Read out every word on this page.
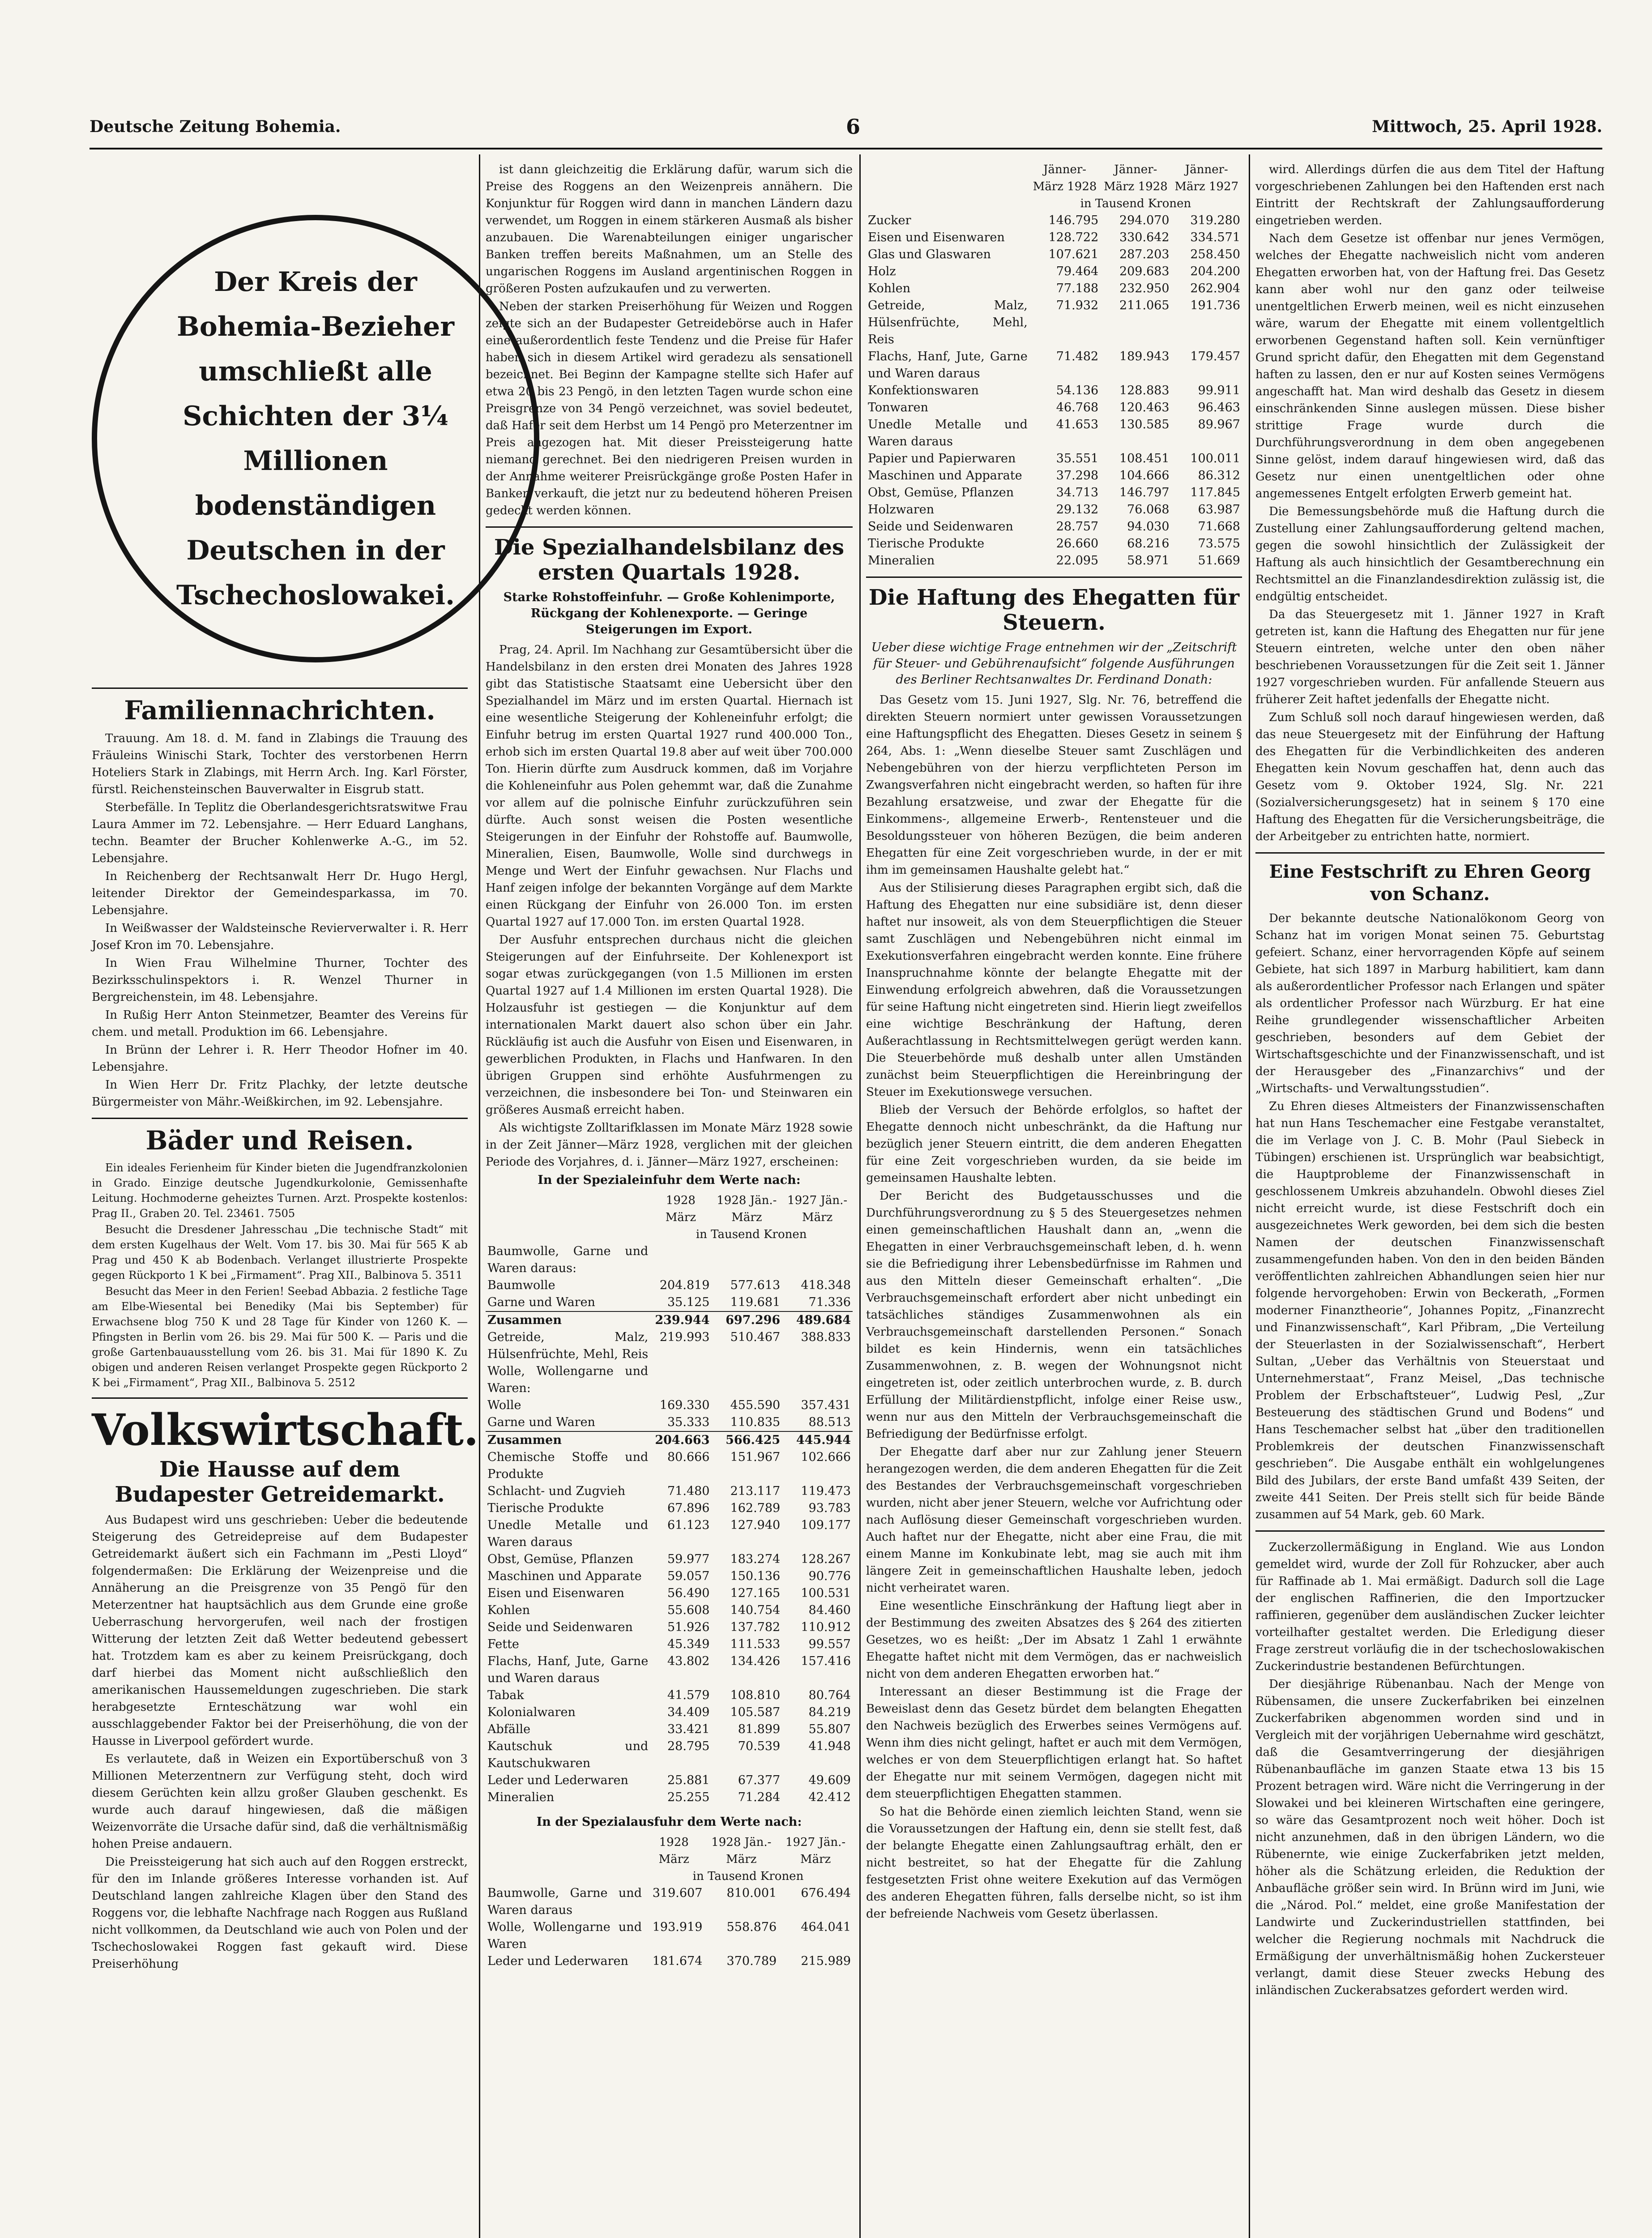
Deutsche Zeitung Bohemia.	6	Mittwoch, 25. April 1928.
Der Kreis der Bohemia-Bezieher umschließt alle Schichten der 3¼ Millionen bodenständigen Deutschen in der Tschechoslowakei.
Familiennachrichten.

Trauung. Am 18. d. M. fand in Zlabings die Trauung des Fräuleins Winischi Stark, Tochter des verstorbenen Herrn Hoteliers Stark in Zlabings, mit Herrn Arch. Ing. Karl Förster, fürstl. Reichensteinschen Bauverwalter in Eisgrub statt.

Sterbefälle. In Teplitz die Oberlandesgerichtsratswitwe Frau Laura Ammer im 72. Lebensjahre. — Herr Eduard Langhans, techn. Beamter der Brucher Kohlenwerke A.-G., im 52. Lebensjahre.

In Reichenberg der Rechtsanwalt Herr Dr. Hugo Hergl, leitender Direktor der Gemeindesparkassa, im 70. Lebensjahre.

In Weißwasser der Waldsteinsche Revierverwalter i. R. Herr Josef Kron im 70. Lebensjahre.

In Wien Frau Wilhelmine Thurner, Tochter des Bezirksschulinspektors i. R. Wenzel Thurner in Bergreichenstein, im 48. Lebensjahre.

In Rußig Herr Anton Steinmetzer, Beamter des Vereins für chem. und metall. Produktion im 66. Lebensjahre.

In Brünn der Lehrer i. R. Herr Theodor Hofner im 40. Lebensjahre.

In Wien Herr Dr. Fritz Plachky, der letzte deutsche Bürgermeister von Mähr.-Weißkirchen, im 92. Lebensjahre.

Bäder und Reisen.

Ein ideales Ferienheim für Kinder bieten die Jugendfranzkolonien in Grado. Einzige deutsche Jugendkurkolonie, Gemissenhafte Leitung. Hochmoderne geheiztes Turnen. Arzt. Prospekte kostenlos: Prag II., Graben 20. Tel. 23461. 7505

Besucht die Dresdener Jahresschau „Die technische Stadt“ mit dem ersten Kugelhaus der Welt. Vom 17. bis 30. Mai für 565 K ab Prag und 450 K ab Bodenbach. Verlanget illustrierte Prospekte gegen Rückporto 1 K bei „Firmament“. Prag XII., Balbinova 5. 3511

Besucht das Meer in den Ferien! Seebad Abbazia. 2 festliche Tage am Elbe-Wiesental bei Benediky (Mai bis September) für Erwachsene blog 750 K und 28 Tage für Kinder von 1260 K. — Pfingsten in Berlin vom 26. bis 29. Mai für 500 K. — Paris und die große Gartenbauausstellung vom 26. bis 31. Mai für 1890 K. Zu obigen und anderen Reisen verlanget Prospekte gegen Rückporto 2 K bei „Firmament“, Prag XII., Balbinova 5. 2512

Volkswirtschaft.
Die Hausse auf dem Budapester Getreidemarkt.

Aus Budapest wird uns geschrieben: Ueber die bedeutende Steigerung des Getreidepreise auf dem Budapester Getreidemarkt äußert sich ein Fachmann im „Pesti Lloyd“ folgendermaßen: Die Erklärung der Weizenpreise und die Annäherung an die Preisgrenze von 35 Pengö für den Meterzentner hat hauptsächlich aus dem Grunde eine große Ueberraschung hervorgerufen, weil nach der frostigen Witterung der letzten Zeit daß Wetter bedeutend gebessert hat. Trotzdem kam es aber zu keinem Preisrückgang, doch darf hierbei das Moment nicht außschließlich den amerikanischen Haussemeldungen zugeschrieben. Die stark herabgesetzte Ernteschätzung war wohl ein ausschlaggebender Faktor bei der Preiserhöhung, die von der Hausse in Liverpool gefördert wurde.

Es verlautete, daß in Weizen ein Exportüberschuß von 3 Millionen Meterzentnern zur Verfügung steht, doch wird diesem Gerüchten kein allzu großer Glauben geschenkt. Es wurde auch darauf hingewiesen, daß die mäßigen Weizenvorräte die Ursache dafür sind, daß die verhältnismäßig hohen Preise andauern.

Die Preissteigerung hat sich auch auf den Roggen erstreckt, für den im Inlande größeres Interesse vorhanden ist. Auf Deutschland langen zahlreiche Klagen über den Stand des Roggens vor, die lebhafte Nachfrage nach Roggen aus Rußland nicht vollkommen, da Deutschland wie auch von Polen und der Tschechoslowakei Roggen fast gekauft wird. Diese Preiserhöhung

ist dann gleichzeitig die Erklärung dafür, warum sich die Preise des Roggens an den Weizenpreis annähern. Die Konjunktur für Roggen wird dann in manchen Ländern dazu verwendet, um Roggen in einem stärkeren Ausmaß als bisher anzubauen. Die Warenabteilungen einiger ungarischer Banken treffen bereits Maßnahmen, um an Stelle des ungarischen Roggens im Ausland argentinischen Roggen in größeren Posten aufzukaufen und zu verwerten.

Neben der starken Preiserhöhung für Weizen und Roggen zeigte sich an der Budapester Getreidebörse auch in Hafer eine außerordentlich feste Tendenz und die Preise für Hafer haben sich in diesem Artikel wird geradezu als sensationell bezeichnet. Bei Beginn der Kampagne stellte sich Hafer auf etwa 20 bis 23 Pengö, in den letzten Tagen wurde schon eine Preisgrenze von 34 Pengö verzeichnet, was soviel bedeutet, daß Hafer seit dem Herbst um 14 Pengö pro Meterzentner im Preis angezogen hat. Mit dieser Preissteigerung hatte niemand gerechnet. Bei den niedrigeren Preisen wurden in der Annahme weiterer Preisrückgänge große Posten Hafer in Banken verkauft, die jetzt nur zu bedeutend höheren Preisen gedeckt werden können.

Die Spezialhandelsbilanz des ersten Quartals 1928.
Starke Rohstoffeinfuhr. — Große Kohlenimporte, Rückgang der Kohlenexporte. — Geringe Steigerungen im Export.

Prag, 24. April. Im Nachhang zur Gesamtübersicht über die Handelsbilanz in den ersten drei Monaten des Jahres 1928 gibt das Statistische Staatsamt eine Uebersicht über den Spezialhandel im März und im ersten Quartal. Hiernach ist eine wesentliche Steigerung der Kohleneinfuhr erfolgt; die Einfuhr betrug im ersten Quartal 1927 rund 400.000 Ton., erhob sich im ersten Quartal 19.8 aber auf weit über 700.000 Ton. Hierin dürfte zum Ausdruck kommen, daß im Vorjahre die Kohleneinfuhr aus Polen gehemmt war, daß die Zunahme vor allem auf die polnische Einfuhr zurückzuführen sein dürfte. Auch sonst weisen die Posten wesentliche Steigerungen in der Einfuhr der Rohstoffe auf. Baumwolle, Mineralien, Eisen, Baumwolle, Wolle sind durchwegs in Menge und Wert der Einfuhr gewachsen. Nur Flachs und Hanf zeigen infolge der bekannten Vorgänge auf dem Markte einen Rückgang der Einfuhr von 26.000 Ton. im ersten Quartal 1927 auf 17.000 Ton. im ersten Quartal 1928.

Der Ausfuhr entsprechen durchaus nicht die gleichen Steigerungen auf der Einfuhrseite. Der Kohlenexport ist sogar etwas zurückgegangen (von 1.5 Millionen im ersten Quartal 1927 auf 1.4 Millionen im ersten Quartal 1928). Die Holzausfuhr ist gestiegen — die Konjunktur auf dem internationalen Markt dauert also schon über ein Jahr. Rückläufig ist auch die Ausfuhr von Eisen und Eisenwaren, in gewerblichen Produkten, in Flachs und Hanfwaren. In den übrigen Gruppen sind erhöhte Ausfuhrmengen zu verzeichnen, die insbesondere bei Ton- und Steinwaren ein größeres Ausmaß erreicht haben.

Als wichtigste Zolltarifklassen im Monate März 1928 sowie in der Zeit Jänner—März 1928, verglichen mit der gleichen Periode des Vorjahres, d. i. Jänner—März 1927, erscheinen:

In der Spezialeinfuhr dem Werte nach:
	1928 März	1928 Jän.-März	1927 Jän.-März
	in Tausend Kronen		
Baumwolle, Garne und Waren daraus:			
Baumwolle	204.819	577.613	418.348
Garne und Waren	35.125	119.681	71.336
Zusammen	239.944	697.296	489.684
Getreide, Malz, Hülsenfrüchte, Mehl, Reis	219.993	510.467	388.833
Wolle, Wollengarne und Waren:			
Wolle	169.330	455.590	357.431
Garne und Waren	35.333	110.835	88.513
Zusammen	204.663	566.425	445.944
Chemische Stoffe und Produkte	80.666	151.967	102.666
Schlacht- und Zugvieh	71.480	213.117	119.473
Tierische Produkte	67.896	162.789	93.783
Unedle Metalle und Waren daraus	61.123	127.940	109.177
Obst, Gemüse, Pflanzen	59.977	183.274	128.267
Maschinen und Apparate	59.057	150.136	90.776
Eisen und Eisenwaren	56.490	127.165	100.531
Kohlen	55.608	140.754	84.460
Seide und Seidenwaren	51.926	137.782	110.912
Fette	45.349	111.533	99.557
Flachs, Hanf, Jute, Garne und Waren daraus	43.802	134.426	157.416
Tabak	41.579	108.810	80.764
Kolonialwaren	34.409	105.587	84.219
Abfälle	33.421	81.899	55.807
Kautschuk und Kautschukwaren	28.795	70.539	41.948
Leder und Lederwaren	25.881	67.377	49.609
Mineralien	25.255	71.284	42.412
In der Spezialausfuhr dem Werte nach:
	1928 März	1928 Jän.-März	1927 Jän.-März
	in Tausend Kronen		
Baumwolle, Garne und Waren daraus	319.607	810.001	676.494
Wolle, Wollengarne und Waren	193.919	558.876	464.041
Leder und Lederwaren	181.674	370.789	215.989
	Jänner-März 1928	Jänner-März 1928	Jänner-März 1927
	in Tausend Kronen		
Zucker	146.795	294.070	319.280
Eisen und Eisenwaren	128.722	330.642	334.571
Glas und Glaswaren	107.621	287.203	258.450
Holz	79.464	209.683	204.200
Kohlen	77.188	232.950	262.904
Getreide, Malz, Hülsenfrüchte, Mehl, Reis	71.932	211.065	191.736
Flachs, Hanf, Jute, Garne und Waren daraus	71.482	189.943	179.457
Konfektionswaren	54.136	128.883	99.911
Tonwaren	46.768	120.463	96.463
Unedle Metalle und Waren daraus	41.653	130.585	89.967
Papier und Papierwaren	35.551	108.451	100.011
Maschinen und Apparate	37.298	104.666	86.312
Obst, Gemüse, Pflanzen	34.713	146.797	117.845
Holzwaren	29.132	76.068	63.987
Seide und Seidenwaren	28.757	94.030	71.668
Tierische Produkte	26.660	68.216	73.575
Mineralien	22.095	58.971	51.669
Die Haftung des Ehegatten für Steuern.
Ueber diese wichtige Frage entnehmen wir der „Zeitschrift für Steuer- und Gebührenaufsicht“ folgende Ausführungen des Berliner Rechtsanwaltes Dr. Ferdinand Donath:

Das Gesetz vom 15. Juni 1927, Slg. Nr. 76, betreffend die direkten Steuern normiert unter gewissen Voraussetzungen eine Haftungspflicht des Ehegatten. Dieses Gesetz in seinem § 264, Abs. 1: „Wenn dieselbe Steuer samt Zuschlägen und Nebengebühren von der hierzu verpflichteten Person im Zwangsverfahren nicht eingebracht werden, so haften für ihre Bezahlung ersatzweise, und zwar der Ehegatte für die Einkommens-, allgemeine Erwerb-, Rentensteuer und die Besoldungssteuer von höheren Bezügen, die beim anderen Ehegatten für eine Zeit vorgeschrieben wurde, in der er mit ihm im gemeinsamen Haushalte gelebt hat.“

Aus der Stilisierung dieses Paragraphen ergibt sich, daß die Haftung des Ehegatten nur eine subsidiäre ist, denn dieser haftet nur insoweit, als von dem Steuerpflichtigen die Steuer samt Zuschlägen und Nebengebühren nicht einmal im Exekutionsverfahren eingebracht werden konnte. Eine frühere Inanspruchnahme könnte der belangte Ehegatte mit der Einwendung erfolgreich abwehren, daß die Voraussetzungen für seine Haftung nicht eingetreten sind. Hierin liegt zweifellos eine wichtige Beschränkung der Haftung, deren Außerachtlassung in Rechtsmittelwegen gerügt werden kann. Die Steuerbehörde muß deshalb unter allen Umständen zunächst beim Steuerpflichtigen die Hereinbringung der Steuer im Exekutionswege versuchen.

Blieb der Versuch der Behörde erfolglos, so haftet der Ehegatte dennoch nicht unbeschränkt, da die Haftung nur bezüglich jener Steuern eintritt, die dem anderen Ehegatten für eine Zeit vorgeschrieben wurden, da sie beide im gemeinsamen Haushalte lebten.

Der Bericht des Budgetausschusses und die Durchführungsverordnung zu § 5 des Steuergesetzes nehmen einen gemeinschaftlichen Haushalt dann an, „wenn die Ehegatten in einer Verbrauchsgemeinschaft leben, d. h. wenn sie die Befriedigung ihrer Lebensbedürfnisse im Rahmen und aus den Mitteln dieser Gemeinschaft erhalten“. „Die Verbrauchsgemeinschaft erfordert aber nicht unbedingt ein tatsächliches ständiges Zusammenwohnen als ein Verbrauchsgemeinschaft darstellenden Personen.“ Sonach bildet es kein Hindernis, wenn ein tatsächliches Zusammenwohnen, z. B. wegen der Wohnungsnot nicht eingetreten ist, oder zeitlich unterbrochen wurde, z. B. durch Erfüllung der Militärdienstpflicht, infolge einer Reise usw., wenn nur aus den Mitteln der Verbrauchsgemeinschaft die Befriedigung der Bedürfnisse erfolgt.

Der Ehegatte darf aber nur zur Zahlung jener Steuern herangezogen werden, die dem anderen Ehegatten für die Zeit des Bestandes der Verbrauchsgemeinschaft vorgeschrieben wurden, nicht aber jener Steuern, welche vor Aufrichtung oder nach Auflösung dieser Gemeinschaft vorgeschrieben wurden. Auch haftet nur der Ehegatte, nicht aber eine Frau, die mit einem Manne im Konkubinate lebt, mag sie auch mit ihm längere Zeit in gemeinschaftlichen Haushalte leben, jedoch nicht verheiratet waren.

Eine wesentliche Einschränkung der Haftung liegt aber in der Bestimmung des zweiten Absatzes des § 264 des zitierten Gesetzes, wo es heißt: „Der im Absatz 1 Zahl 1 erwähnte Ehegatte haftet nicht mit dem Vermögen, das er nachweislich nicht von dem anderen Ehegatten erworben hat.“

Interessant an dieser Bestimmung ist die Frage der Beweislast denn das Gesetz bürdet dem belangten Ehegatten den Nachweis bezüglich des Erwerbes seines Vermögens auf. Wenn ihm dies nicht gelingt, haftet er auch mit dem Vermögen, welches er von dem Steuerpflichtigen erlangt hat. So haftet der Ehegatte nur mit seinem Vermögen, dagegen nicht mit dem steuerpflichtigen Ehegatten stammen.

So hat die Behörde einen ziemlich leichten Stand, wenn sie die Voraussetzungen der Haftung ein, denn sie stellt fest, daß der belangte Ehegatte einen Zahlungsauftrag erhält, den er nicht bestreitet, so hat der Ehegatte für die Zahlung festgesetzten Frist ohne weitere Exekution auf das Vermögen des anderen Ehegatten führen, falls derselbe nicht, so ist ihm der befreiende Nachweis vom Gesetz überlassen.

wird. Allerdings dürfen die aus dem Titel der Haftung vorgeschriebenen Zahlungen bei den Haftenden erst nach Eintritt der Rechtskraft der Zahlungsaufforderung eingetrieben werden.

Nach dem Gesetze ist offenbar nur jenes Vermögen, welches der Ehegatte nachweislich nicht vom anderen Ehegatten erworben hat, von der Haftung frei. Das Gesetz kann aber wohl nur den ganz oder teilweise unentgeltlichen Erwerb meinen, weil es nicht einzusehen wäre, warum der Ehegatte mit einem vollentgeltlich erworbenen Gegenstand haften soll. Kein vernünftiger Grund spricht dafür, den Ehegatten mit dem Gegenstand haften zu lassen, den er nur auf Kosten seines Vermögens angeschafft hat. Man wird deshalb das Gesetz in diesem einschränkenden Sinne auslegen müssen. Diese bisher strittige Frage wurde durch die Durchführungsverordnung in dem oben angegebenen Sinne gelöst, indem darauf hingewiesen wird, daß das Gesetz nur einen unentgeltlichen oder ohne angemessenes Entgelt erfolgten Erwerb gemeint hat.

Die Bemessungsbehörde muß die Haftung durch die Zustellung einer Zahlungsaufforderung geltend machen, gegen die sowohl hinsichtlich der Zulässigkeit der Haftung als auch hinsichtlich der Gesamtberechnung ein Rechtsmittel an die Finanzlandesdirektion zulässig ist, die endgültig entscheidet.

Da das Steuergesetz mit 1. Jänner 1927 in Kraft getreten ist, kann die Haftung des Ehegatten nur für jene Steuern eintreten, welche unter den oben näher beschriebenen Voraussetzungen für die Zeit seit 1. Jänner 1927 vorgeschrieben wurden. Für anfallende Steuern aus früherer Zeit haftet jedenfalls der Ehegatte nicht.

Zum Schluß soll noch darauf hingewiesen werden, daß das neue Steuergesetz mit der Einführung der Haftung des Ehegatten für die Verbindlichkeiten des anderen Ehegatten kein Novum geschaffen hat, denn auch das Gesetz vom 9. Oktober 1924, Slg. Nr. 221 (Sozialversicherungsgesetz) hat in seinem § 170 eine Haftung des Ehegatten für die Versicherungsbeiträge, die der Arbeitgeber zu entrichten hatte, normiert.

Eine Festschrift zu Ehren Georg von Schanz.

Der bekannte deutsche Nationalökonom Georg von Schanz hat im vorigen Monat seinen 75. Geburtstag gefeiert. Schanz, einer hervorragenden Köpfe auf seinem Gebiete, hat sich 1897 in Marburg habilitiert, kam dann als außerordentlicher Professor nach Erlangen und später als ordentlicher Professor nach Würzburg. Er hat eine Reihe grundlegender wissenschaftlicher Arbeiten geschrieben, besonders auf dem Gebiet der Wirtschaftsgeschichte und der Finanzwissenschaft, und ist der Herausgeber des „Finanzarchivs“ und der „Wirtschafts- und Verwaltungsstudien“.

Zu Ehren dieses Altmeisters der Finanzwissenschaften hat nun Hans Teschemacher eine Festgabe veranstaltet, die im Verlage von J. C. B. Mohr (Paul Siebeck in Tübingen) erschienen ist. Ursprünglich war beabsichtigt, die Hauptprobleme der Finanzwissenschaft in geschlossenem Umkreis abzuhandeln. Obwohl dieses Ziel nicht erreicht wurde, ist diese Festschrift doch ein ausgezeichnetes Werk geworden, bei dem sich die besten Namen der deutschen Finanzwissenschaft zusammengefunden haben. Von den in den beiden Bänden veröffentlichten zahlreichen Abhandlungen seien hier nur folgende hervorgehoben: Erwin von Beckerath, „Formen moderner Finanztheorie“, Johannes Popitz, „Finanzrecht und Finanzwissenschaft“, Karl Přibram, „Die Verteilung der Steuerlasten in der Sozialwissenschaft“, Herbert Sultan, „Ueber das Verhältnis von Steuerstaat und Unternehmerstaat“, Franz Meisel, „Das technische Problem der Erbschaftsteuer“, Ludwig Pesl, „Zur Besteuerung des städtischen Grund und Bodens“ und Hans Teschemacher selbst hat „über den traditionellen Problemkreis der deutschen Finanzwissenschaft geschrieben“. Die Ausgabe enthält ein wohlgelungenes Bild des Jubilars, der erste Band umfaßt 439 Seiten, der zweite 441 Seiten. Der Preis stellt sich für beide Bände zusammen auf 54 Mark, geb. 60 Mark.

Zuckerzollermäßigung in England. Wie aus London gemeldet wird, wurde der Zoll für Rohzucker, aber auch für Raffinade ab 1. Mai ermäßigt. Dadurch soll die Lage der englischen Raffinerien, die den Importzucker raffinieren, gegenüber dem ausländischen Zucker leichter vorteilhafter gestaltet werden. Die Erledigung dieser Frage zerstreut vorläufig die in der tschechoslowakischen Zuckerindustrie bestandenen Befürchtungen.

Der diesjährige Rübenanbau. Nach der Menge von Rübensamen, die unsere Zuckerfabriken bei einzelnen Zuckerfabriken abgenommen worden sind und in Vergleich mit der vorjährigen Uebernahme wird geschätzt, daß die Gesamtverringerung der diesjährigen Rübenanbaufläche im ganzen Staate etwa 13 bis 15 Prozent betragen wird. Wäre nicht die Verringerung in der Slowakei und bei kleineren Wirtschaften eine geringere, so wäre das Gesamtprozent noch weit höher. Doch ist nicht anzunehmen, daß in den übrigen Ländern, wo die Rübenernte, wie einige Zuckerfabriken jetzt melden, höher als die Schätzung erleiden, die Reduktion der Anbaufläche größer sein wird. In Brünn wird im Juni, wie die „Národ. Pol.“ meldet, eine große Manifestation der Landwirte und Zuckerindustriellen stattfinden, bei welcher die Regierung nochmals mit Nachdruck die Ermäßigung der unverhältnismäßig hohen Zuckersteuer verlangt, damit diese Steuer zwecks Hebung des inländischen Zuckerabsatzes gefordert werden wird.
